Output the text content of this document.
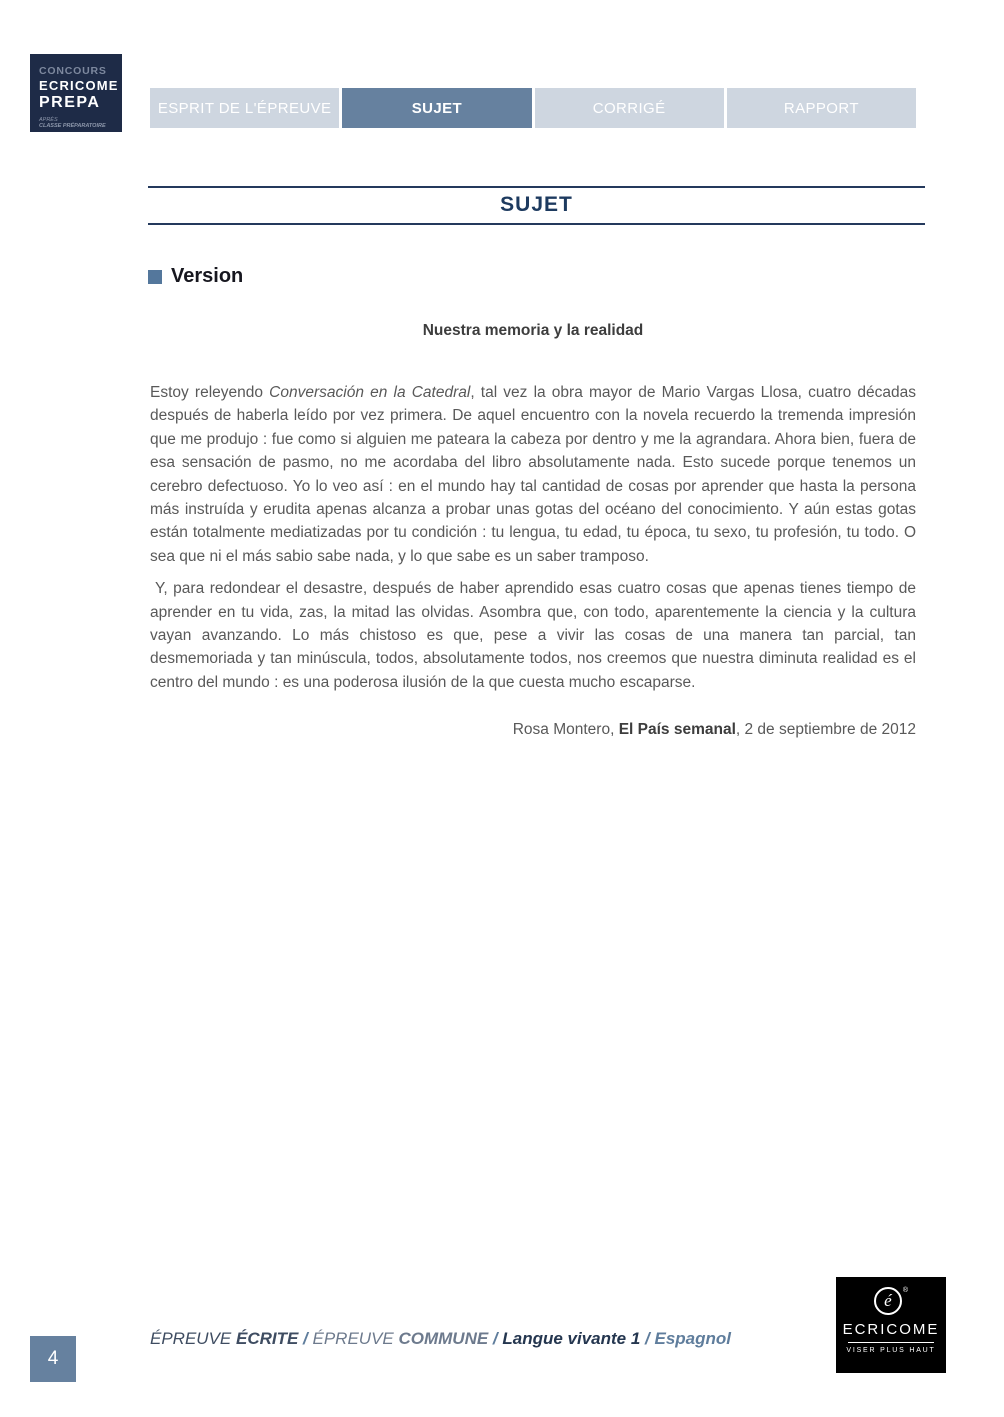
CONCOURS
ECRICOME
PREPA
APRÈS
CLASSE PRÉPARATOIRE
ESPRIT DE L'ÉPREUVE	SUJET	CORRIGÉ	RAPPORT
SUJET
Version
Nuestra memoria y la realidad

Estoy releyendo Conversación en la Catedral, tal vez la obra mayor de Mario Vargas Llosa, cuatro décadas después de haberla leído por vez primera. De aquel encuentro con la novela recuerdo la tremenda impresión que me produjo : fue como si alguien me pateara la cabeza por dentro y me la agrandara. Ahora bien, fuera de esa sensación de pasmo, no me acordaba del libro absolutamente nada. Esto sucede porque tenemos un cerebro defectuoso. Yo lo veo así : en el mundo hay tal cantidad de cosas por aprender que hasta la persona más instruída y erudita apenas alcanza a probar unas gotas del océano del conocimiento. Y aún estas gotas están totalmente mediatizadas por tu condición : tu lengua, tu edad, tu época, tu sexo, tu profesión, tu todo. O sea que ni el más sabio sabe nada, y lo que sabe es un saber tramposo.

Y, para redondear el desastre, después de haber aprendido esas cuatro cosas que apenas tienes tiempo de aprender en tu vida, zas, la mitad las olvidas. Asombra que, con todo, aparentemente la ciencia y la cultura vayan avanzando. Lo más chistoso es que, pese a vivir las cosas de una manera tan parcial, tan desmemoriada y tan minúscula, todos, absolutamente todos, nos creemos que nuestra diminuta realidad es el centro del mundo : es una poderosa ilusión de la que cuesta mucho escaparse.

Rosa Montero, El País semanal, 2 de septiembre de 2012

4
ÉPREUVE ÉCRITE / ÉPREUVE COMMUNE / Langue vivante 1 / Espagnol
é
®
ECRICOME
VISER PLUS HAUT
